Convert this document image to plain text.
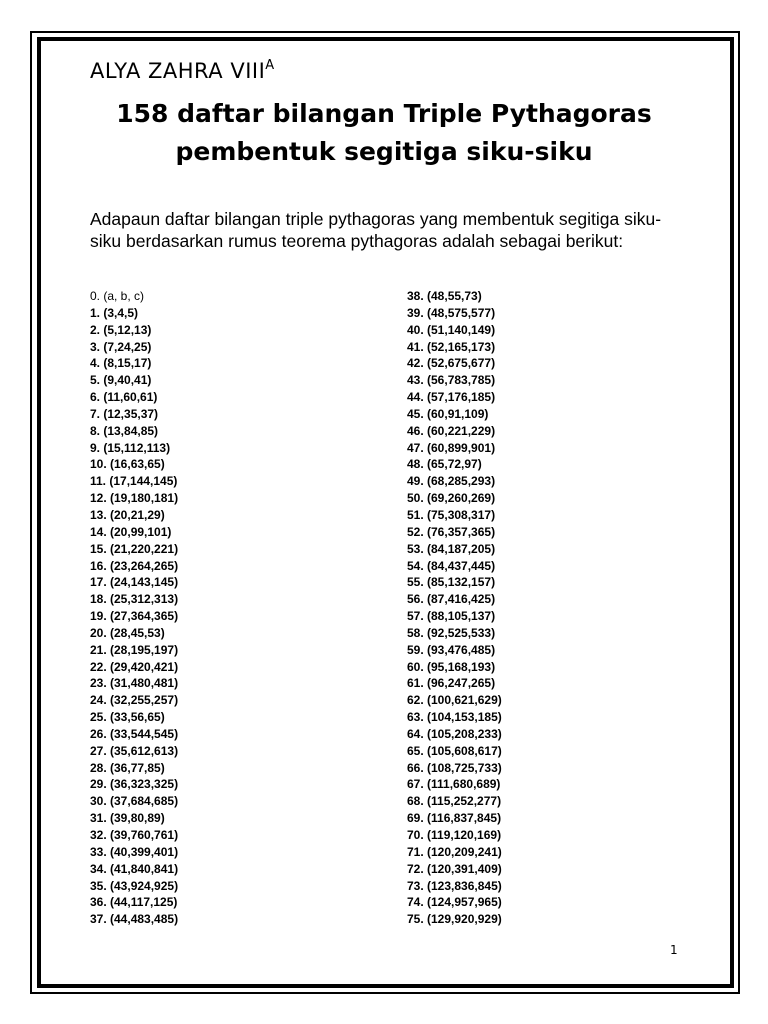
ALYA ZAHRA $VIII^A$
158 daftar bilangan Triple Pythagoras
pembentuk segitiga siku-siku
Adapaun daftar bilangan triple pythagoras yang membentuk segitiga siku-
siku berdasarkan rumus teorema pythagoras adalah sebagai berikut:
0. (a, b, c)
1. (3,4,5)
2. (5,12,13)
3. (7,24,25)
4. (8,15,17)
5. (9,40,41)
6. (11,60,61)
7. (12,35,37)
8. (13,84,85)
9. (15,112,113)
10. (16,63,65)
11. (17,144,145)
12. (19,180,181)
13. (20,21,29)
14. (20,99,101)
15. (21,220,221)
16. (23,264,265)
17. (24,143,145)
18. (25,312,313)
19. (27,364,365)
20. (28,45,53)
21. (28,195,197)
22. (29,420,421)
23. (31,480,481)
24. (32,255,257)
25. (33,56,65)
26. (33,544,545)
27. (35,612,613)
28. (36,77,85)
29. (36,323,325)
30. (37,684,685)
31. (39,80,89)
32. (39,760,761)
33. (40,399,401)
34. (41,840,841)
35. (43,924,925)
36. (44,117,125)
37. (44,483,485)
38. (48,55,73)
39. (48,575,577)
40. (51,140,149)
41. (52,165,173)
42. (52,675,677)
43. (56,783,785)
44. (57,176,185)
45. (60,91,109)
46. (60,221,229)
47. (60,899,901)
48. (65,72,97)
49. (68,285,293)
50. (69,260,269)
51. (75,308,317)
52. (76,357,365)
53. (84,187,205)
54. (84,437,445)
55. (85,132,157)
56. (87,416,425)
57. (88,105,137)
58. (92,525,533)
59. (93,476,485)
60. (95,168,193)
61. (96,247,265)
62. (100,621,629)
63. (104,153,185)
64. (105,208,233)
65. (105,608,617)
66. (108,725,733)
67. (111,680,689)
68. (115,252,277)
69. (116,837,845)
70. (119,120,169)
71. (120,209,241)
72. (120,391,409)
73. (123,836,845)
74. (124,957,965)
75. (129,920,929)
1
